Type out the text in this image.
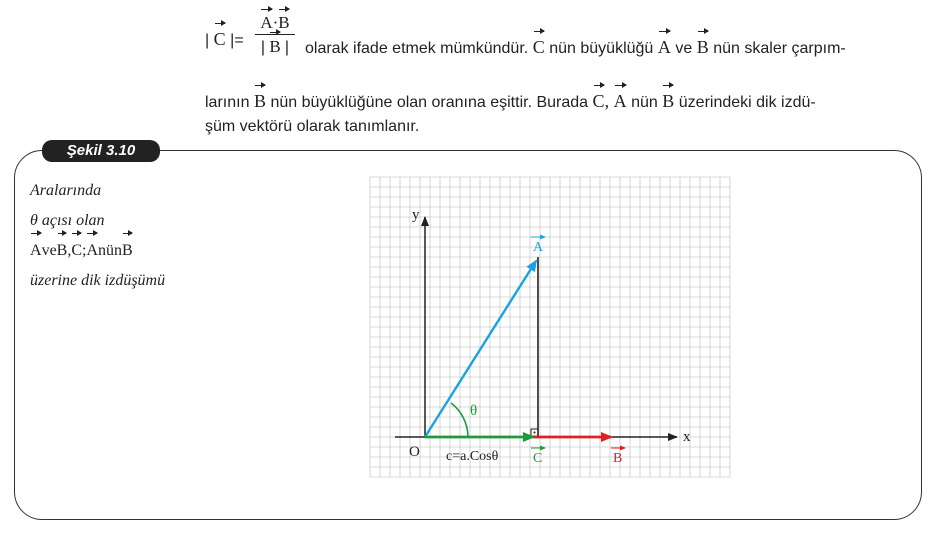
| C |=
A·B
| B | olarak ifade etmek mümkündür. C nün büyüklüğü A ve B nün skaler çarpım-
larının B nün büyüklüğüne olan oranına eşittir. Burada C, A nün B üzerindeki dik izdü-
şüm vektörü olarak tanımlanır.
Şekil 3.10
Aralarında
θ açısı olan
AveB,C;AnünB
üzerine dik izdüşümü
y
x
O
θ
c=a.Cosθ
A
C	B
